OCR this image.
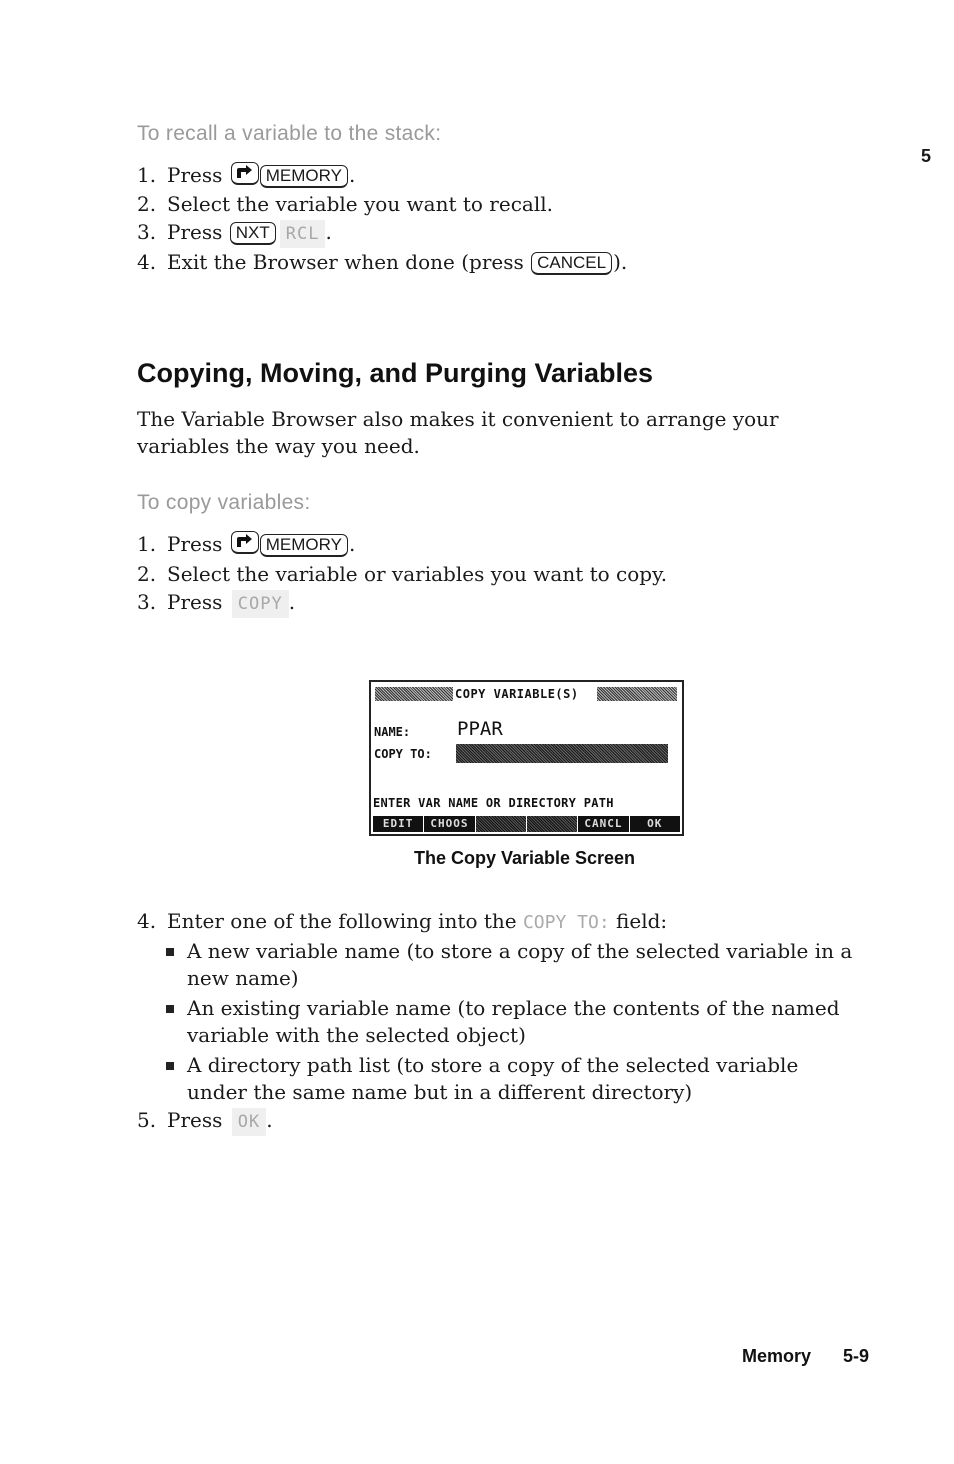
5
To recall a variable to the stack:
1. Press	MEMORY .
2. Select the variable you want to recall.
3. Press NXT RCL .
4. Exit the Browser when done (press CANCEL ).
Copying, Moving, and Purging Variables
The Variable Browser also makes it convenient to arrange your
variables the way you need.
To copy variables:
1. Press	MEMORY .
2. Select the variable or variables you want to copy.
3. Press COPY .
COPY VARIABLE(S)
NAME: PPAR
COPY TO:
ENTER VAR NAME OR DIRECTORY PATH
EDIT	CHOOS	CANCL	OK
The Copy Variable Screen
4. Enter one of the following into the COPY TO: field:
A new variable name (to store a copy of the selected variable in a
new name)
An existing variable name (to replace the contents of the named
variable with the selected object)
A directory path list (to store a copy of the selected variable
under the same name but in a different directory)
5. Press OK .
Memory 5-9
